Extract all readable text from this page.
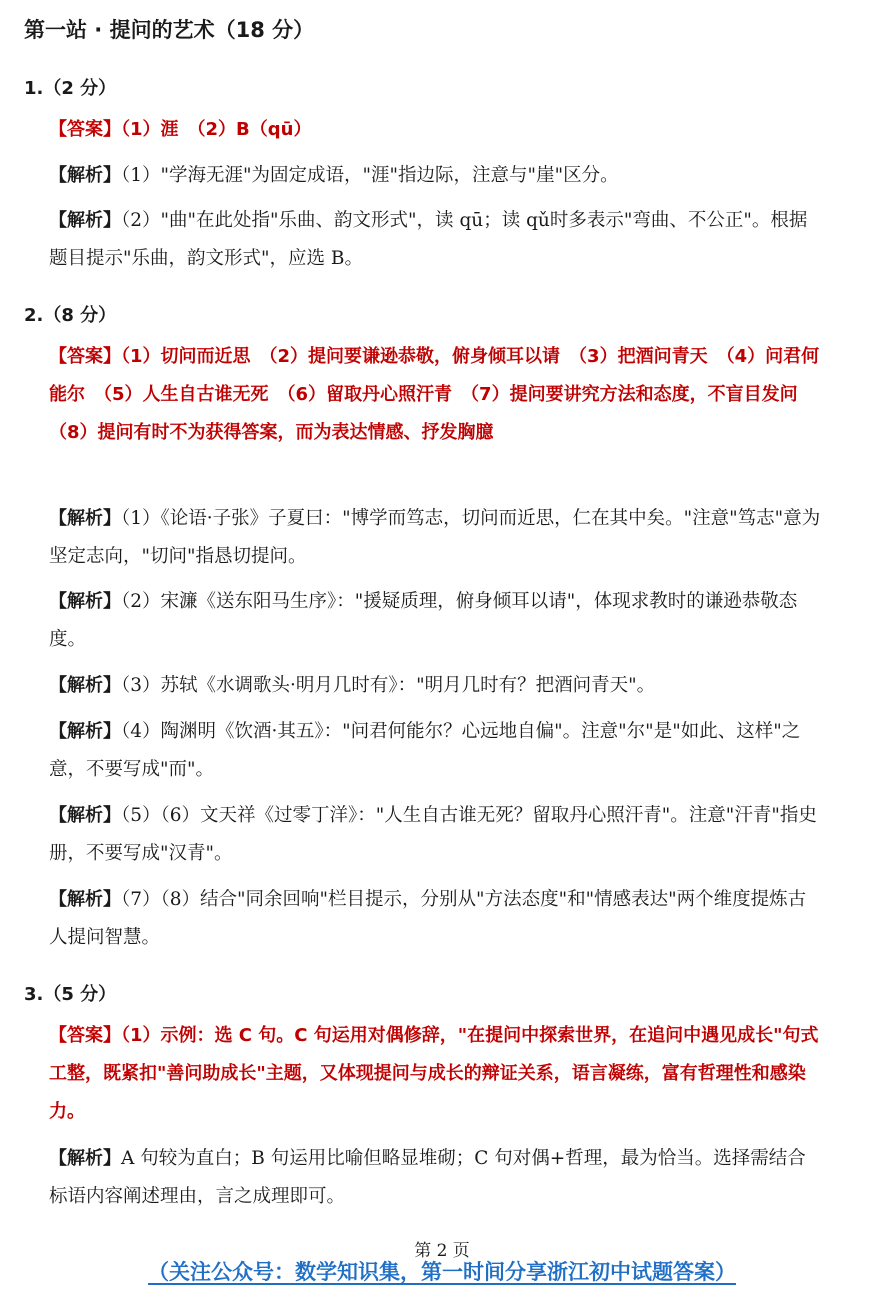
第一站 · 提问的艺术（18 分）
1.（2 分）

【答案】（1）涯　（2）B（qū）

【解析】（1）"学海无涯"为固定成语，"涯"指边际，注意与"崖"区分。

【解析】（2）"曲"在此处指"乐曲、韵文形式"，读 qū；读 qǔ时多表示"弯曲、不公正"。根据题目提示"乐曲，韵文形式"，应选 B。

2.（8 分）

【答案】（1）切问而近思　（2）提问要谦逊恭敬，俯身倾耳以请　（3）把酒问青天　（4）问君何能尔　（5）人生自古谁无死　（6）留取丹心照汗青　（7）提问要讲究方法和态度，不盲目发问　（8）提问有时不为获得答案，而为表达情感、抒发胸臆

【解析】（1）《论语·子张》子夏曰："博学而笃志，切问而近思，仁在其中矣。"注意"笃志"意为坚定志向，"切问"指恳切提问。

【解析】（2）宋濂《送东阳马生序》："援疑质理，俯身倾耳以请"，体现求教时的谦逊恭敬态度。

【解析】（3）苏轼《水调歌头·明月几时有》："明月几时有？把酒问青天"。

【解析】（4）陶渊明《饮酒·其五》："问君何能尔？心远地自偏"。注意"尔"是"如此、这样"之意，不要写成"而"。

【解析】（5）（6）文天祥《过零丁洋》："人生自古谁无死？留取丹心照汗青"。注意"汗青"指史册，不要写成"汉青"。

【解析】（7）（8）结合"同余回响"栏目提示，分别从"方法态度"和"情感表达"两个维度提炼古人提问智慧。

3.（5 分）

【答案】（1）示例：选 C 句。C 句运用对偶修辞，"在提问中探索世界，在追问中遇见成长"句式工整，既紧扣"善问助成长"主题，又体现提问与成长的辩证关系，语言凝练，富有哲理性和感染力。

【解析】A 句较为直白；B 句运用比喻但略显堆砌；C 句对偶+哲理，最为恰当。选择需结合标语内容阐述理由，言之成理即可。

第 2 页
（关注公众号：数学知识集，第一时间分享浙江初中试题答案）
